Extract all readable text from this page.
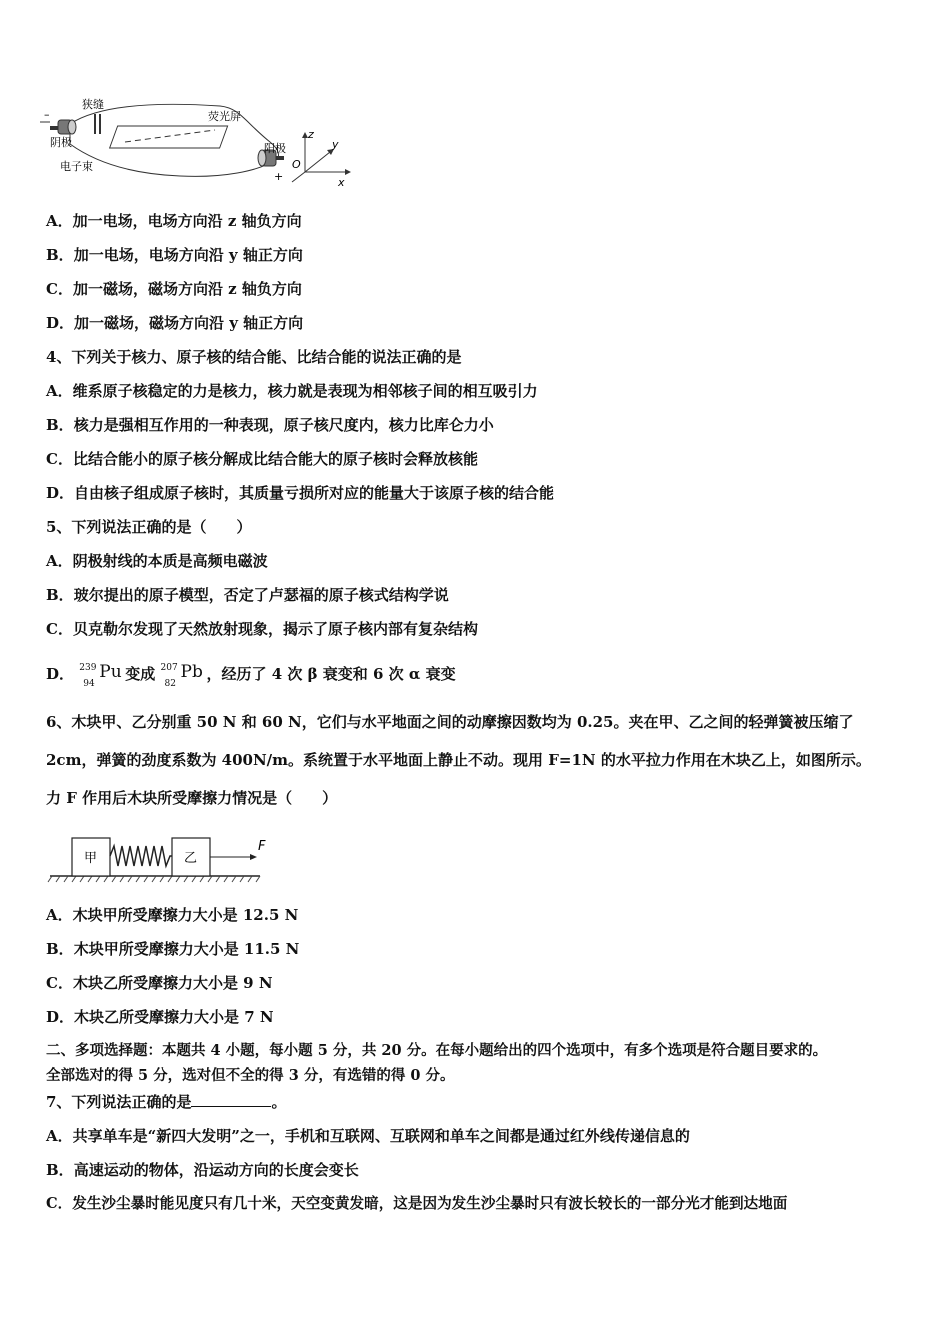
–
狭缝
荧光屏
阴极
电子束
阳极
+
z
y
x
O
A．加一电场，电场方向沿 z 轴负方向
B．加一电场，电场方向沿 y 轴正方向
C．加一磁场，磁场方向沿 z 轴负方向
D．加一磁场，磁场方向沿 y 轴正方向
4、下列关于核力、原子核的结合能、比结合能的说法正确的是
A．维系原子核稳定的力是核力，核力就是表现为相邻核子间的相互吸引力
B．核力是强相互作用的一种表现，原子核尺度内，核力比库仑力小
C．比结合能小的原子核分解成比结合能大的原子核时会释放核能
D．自由核子组成原子核时，其质量亏损所对应的能量大于该原子核的结合能
5、下列说法正确的是（　　）
A．阴极射线的本质是高频电磁波
B．玻尔提出的原子模型，否定了卢瑟福的原子核式结构学说
C．贝克勒尔发现了天然放射现象，揭示了原子核内部有复杂结构
D． 239
94
Pu 变成 207
82
Pb ，经历了 4 次 β 衰变和 6 次 α 衰变
6、木块甲、乙分别重 50 N 和 60 N，它们与水平地面之间的动摩擦因数均为 0.25。夹在甲、乙之间的轻弹簧被压缩了
2cm，弹簧的劲度系数为 400N/m。系统置于水平地面上静止不动。现用 F=1N 的水平拉力作用在木块乙上，如图所示。
力 F 作用后木块所受摩擦力情况是（　　）
甲	乙
F
A．木块甲所受摩擦力大小是 12.5 N
B．木块甲所受摩擦力大小是 11.5 N
C．木块乙所受摩擦力大小是 9 N
D．木块乙所受摩擦力大小是 7 N
二、多项选择题：本题共 4 小题，每小题 5 分，共 20 分。在每小题给出的四个选项中，有多个选项是符合题目要求的。
全部选对的得 5 分，选对但不全的得 3 分，有选错的得 0 分。
7、下列说法正确的是	。
A．共享单车是“新四大发明”之一，手机和互联网、互联网和单车之间都是通过红外线传递信息的
B．高速运动的物体，沿运动方向的长度会变长
C．发生沙尘暴时能见度只有几十米，天空变黄发暗，这是因为发生沙尘暴时只有波长较长的一部分光才能到达地面
